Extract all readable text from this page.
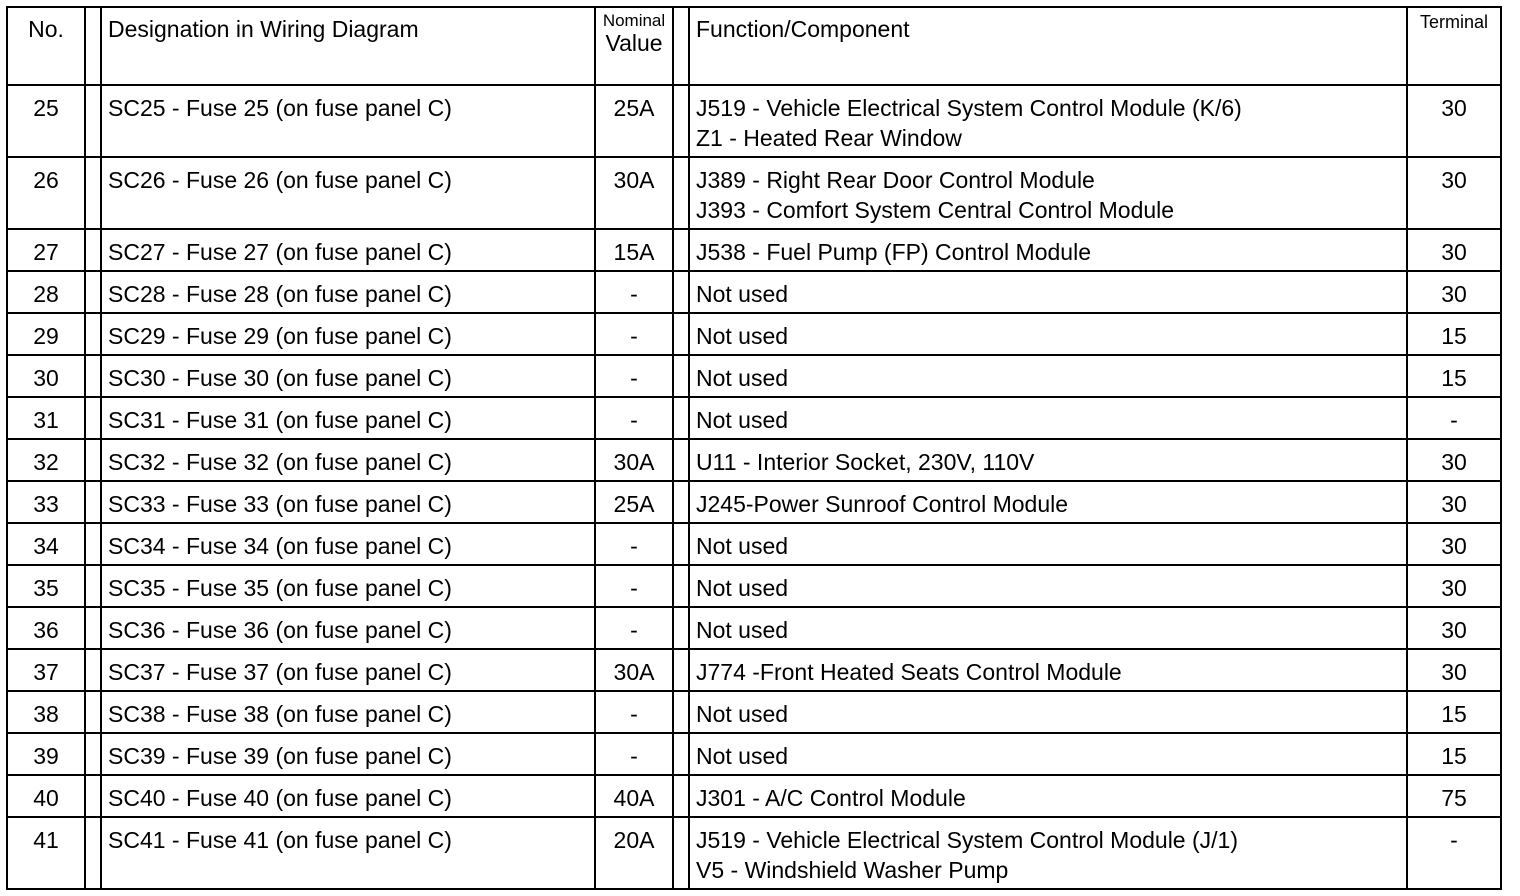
No.		Designation in Wiring Diagram	Nominal
Value		Function/Component	Terminal
25		SC25 - Fuse 25 (on fuse panel C)	25A		J519 - Vehicle Electrical System Control Module (K/6)
Z1 - Heated Rear Window	30
26		SC26 - Fuse 26 (on fuse panel C)	30A		J389 - Right Rear Door Control Module
J393 - Comfort System Central Control Module	30
27		SC27 - Fuse 27 (on fuse panel C)	15A		J538 - Fuel Pump (FP) Control Module	30
28		SC28 - Fuse 28 (on fuse panel C)	-		Not used	30
29		SC29 - Fuse 29 (on fuse panel C)	-		Not used	15
30		SC30 - Fuse 30 (on fuse panel C)	-		Not used	15
31		SC31 - Fuse 31 (on fuse panel C)	-		Not used	-
32		SC32 - Fuse 32 (on fuse panel C)	30A		U11 - Interior Socket, 230V, 110V	30
33		SC33 - Fuse 33 (on fuse panel C)	25A		J245-Power Sunroof Control Module	30
34		SC34 - Fuse 34 (on fuse panel C)	-		Not used	30
35		SC35 - Fuse 35 (on fuse panel C)	-		Not used	30
36		SC36 - Fuse 36 (on fuse panel C)	-		Not used	30
37		SC37 - Fuse 37 (on fuse panel C)	30A		J774 -Front Heated Seats Control Module	30
38		SC38 - Fuse 38 (on fuse panel C)	-		Not used	15
39		SC39 - Fuse 39 (on fuse panel C)	-		Not used	15
40		SC40 - Fuse 40 (on fuse panel C)	40A		J301 - A/C Control Module	75
41		SC41 - Fuse 41 (on fuse panel C)	20A		J519 - Vehicle Electrical System Control Module (J/1)
V5 - Windshield Washer Pump	-
